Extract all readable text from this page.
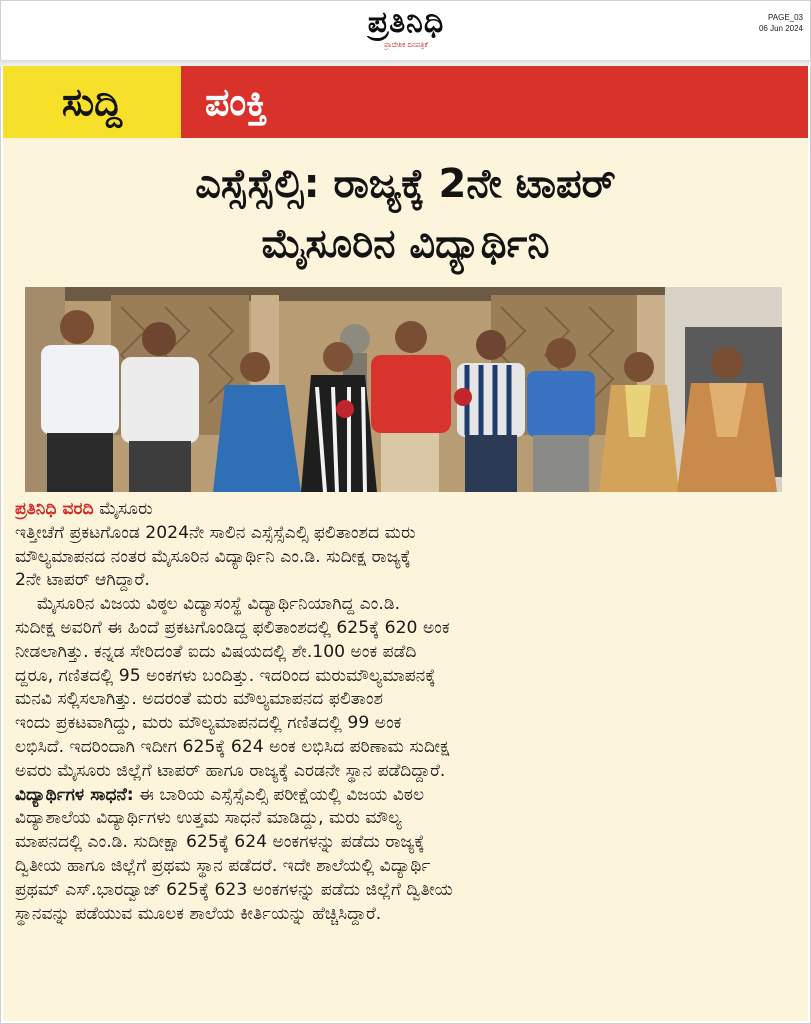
ಪ್ರತಿನಿಧಿ
ಪ್ರಾದೇಶಿಕ ದಿನಪತ್ರಿಕೆ
PAGE_03
06 Jun 2024
ಸುದ್ದಿ	ಪಂಕ್ತಿ
ಎಸ್ಸೆಸ್ಸೆಲ್ಸಿ: ರಾಜ್ಯಕ್ಕೆ 2ನೇ ಟಾಪರ್
ಮೈಸೂರಿನ ವಿದ್ಯಾರ್ಥಿನಿ
ಪ್ರತಿನಿಧಿ ವರದಿ ಮೈಸೂರು
ಇತ್ತೀಚೆಗೆ ಪ್ರಕಟಗೊಂಡ 2024ನೇ ಸಾಲಿನ ಎಸ್ಸೆಸ್ಸೆಎಲ್ಸಿ ಫಲಿತಾಂಶದ ಮರು
ಮೌಲ್ಯಮಾಪನದ ನಂತರ ಮೈಸೂರಿನ ವಿದ್ಯಾರ್ಥಿನಿ ಎಂ.ಡಿ. ಸುದೀಕ್ಷ ರಾಜ್ಯಕ್ಕೆ
2ನೇ ಟಾಪರ್ ಆಗಿದ್ದಾರೆ.
ಮೈಸೂರಿನ ವಿಜಯ ವಿಠ್ಠಲ ವಿದ್ಯಾಸಂಸ್ಥೆ ವಿದ್ಯಾರ್ಥಿನಿಯಾಗಿದ್ದ ಎಂ.ಡಿ.
ಸುದೀಕ್ಷ ಅವರಿಗೆ ಈ ಹಿಂದೆ ಪ್ರಕಟಗೊಂಡಿದ್ದ ಫಲಿತಾಂಶದಲ್ಲಿ 625ಕ್ಕೆ 620 ಅಂಕ
ನೀಡಲಾಗಿತ್ತು. ಕನ್ನಡ ಸೇರಿದಂತೆ ಐದು ವಿಷಯದಲ್ಲಿ ಶೇ.100 ಅಂಕ ಪಡೆದಿ
ದ್ದರೂ, ಗಣಿತದಲ್ಲಿ 95 ಅಂಕಗಳು ಬಂದಿತ್ತು. ಇದರಿಂದ ಮರುಮೌಲ್ಯಮಾಪನಕ್ಕೆ
ಮನವಿ ಸಲ್ಲಿಸಲಾಗಿತ್ತು. ಅದರಂತೆ ಮರು ಮೌಲ್ಯಮಾಪನದ ಫಲಿತಾಂಶ
ಇಂದು ಪ್ರಕಟವಾಗಿದ್ದು, ಮರು ಮೌಲ್ಯಮಾಪನದಲ್ಲಿ ಗಣಿತದಲ್ಲಿ 99 ಅಂಕ
ಲಭಿಸಿದೆ. ಇದರಿಂದಾಗಿ ಇದೀಗ 625ಕ್ಕೆ 624 ಅಂಕ ಲಭಿಸಿದ ಪರಿಣಾಮ ಸುದೀಕ್ಷ
ಅವರು ಮೈಸೂರು ಜಿಲ್ಲೆಗೆ ಟಾಪರ್ ಹಾಗೂ ರಾಜ್ಯಕ್ಕೆ ಎರಡನೇ ಸ್ಥಾನ ಪಡೆದಿದ್ದಾರೆ.
ವಿದ್ಯಾರ್ಥಿಗಳ ಸಾಧನೆ: ಈ ಬಾರಿಯ ಎಸ್ಸೆಸ್ಸೆಎಲ್ಸಿ ಪರೀಕ್ಷೆಯಲ್ಲಿ ವಿಜಯ ವಿಠಲ
ವಿದ್ಯಾಶಾಲೆಯ ವಿದ್ಯಾರ್ಥಿಗಳು ಉತ್ತಮ ಸಾಧನೆ ಮಾಡಿದ್ದು, ಮರು ಮೌಲ್ಯ
ಮಾಪನದಲ್ಲಿ ಎಂ.ಡಿ. ಸುದೀಕ್ಷಾ 625ಕ್ಕೆ 624 ಅಂಕಗಳನ್ನು ಪಡೆದು ರಾಜ್ಯಕ್ಕೆ
ದ್ವಿತೀಯ ಹಾಗೂ ಜಿಲ್ಲೆಗೆ ಪ್ರಥಮ ಸ್ಥಾನ ಪಡೆದರೆ. ಇದೇ ಶಾಲೆಯಲ್ಲಿ ವಿದ್ಯಾರ್ಥಿ
ಪ್ರಥಮ್ ಎಸ್.ಭಾರದ್ವಾಜ್ 625ಕ್ಕೆ 623 ಅಂಕಗಳನ್ನು ಪಡೆದು ಜಿಲ್ಲೆಗೆ ದ್ವಿತೀಯ
ಸ್ಥಾನವನ್ನು ಪಡೆಯುವ ಮೂಲಕ ಶಾಲೆಯ ಕೀರ್ತಿಯನ್ನು ಹೆಚ್ಚಿಸಿದ್ದಾರೆ.
